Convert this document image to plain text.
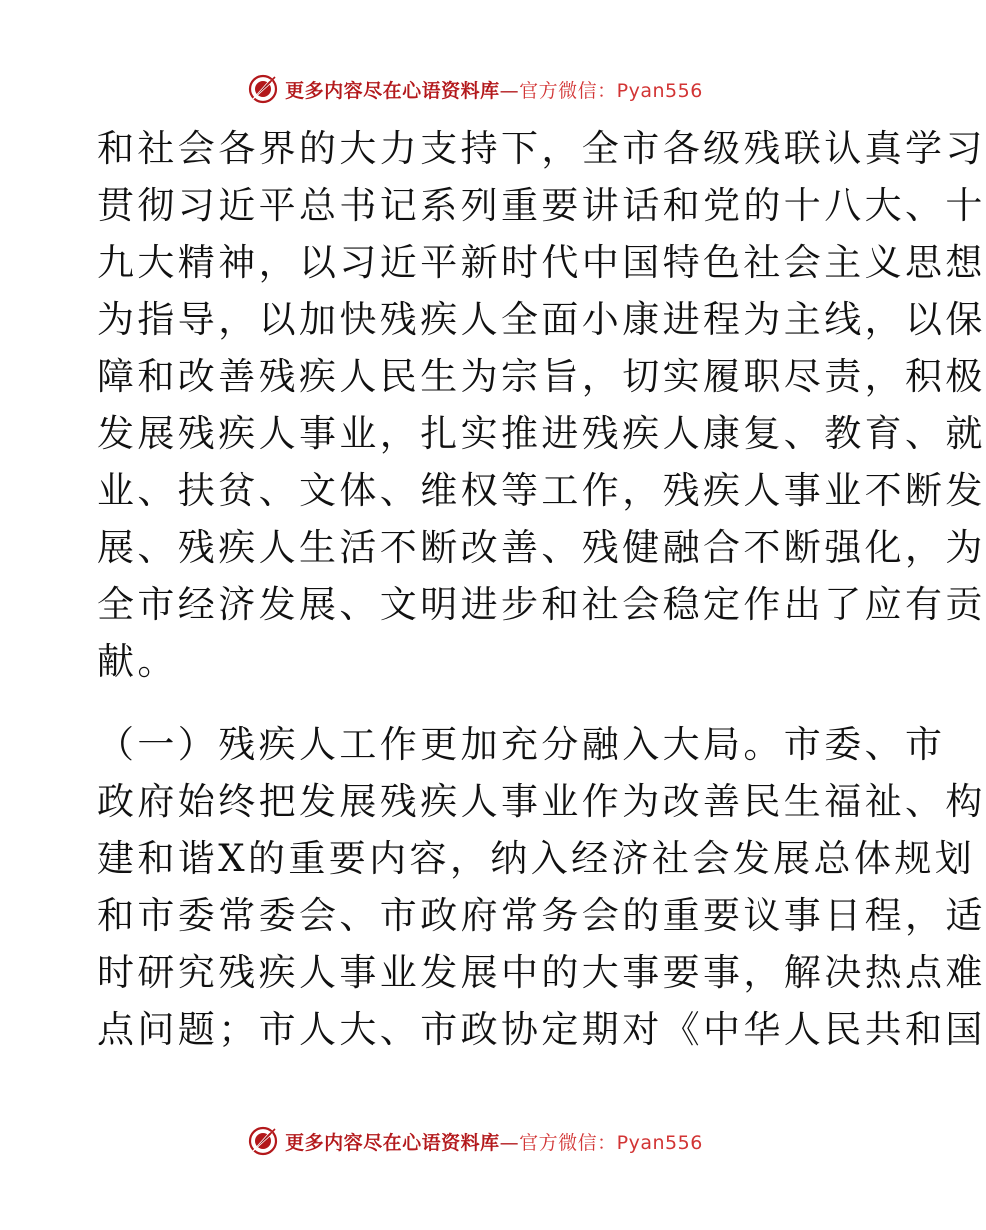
更多内容尽在心语资料库—官方微信：Pyan556
和社会各界的大力支持下，全市各级残联认真学习
贯彻习近平总书记系列重要讲话和党的十八大、十
九大精神，以习近平新时代中国特色社会主义思想
为指导，以加快残疾人全面小康进程为主线，以保
障和改善残疾人民生为宗旨，切实履职尽责，积极
发展残疾人事业，扎实推进残疾人康复、教育、就
业、扶贫、文体、维权等工作，残疾人事业不断发
展、残疾人生活不断改善、残健融合不断强化，为
全市经济发展、文明进步和社会稳定作出了应有贡
献。
（一）残疾人工作更加充分融入大局。市委、市
政府始终把发展残疾人事业作为改善民生福祉、构
建和谐X的重要内容，纳入经济社会发展总体规划
和市委常委会、市政府常务会的重要议事日程，适
时研究残疾人事业发展中的大事要事，解决热点难
点问题；市人大、市政协定期对《中华人民共和国
更多内容尽在心语资料库—官方微信：Pyan556
